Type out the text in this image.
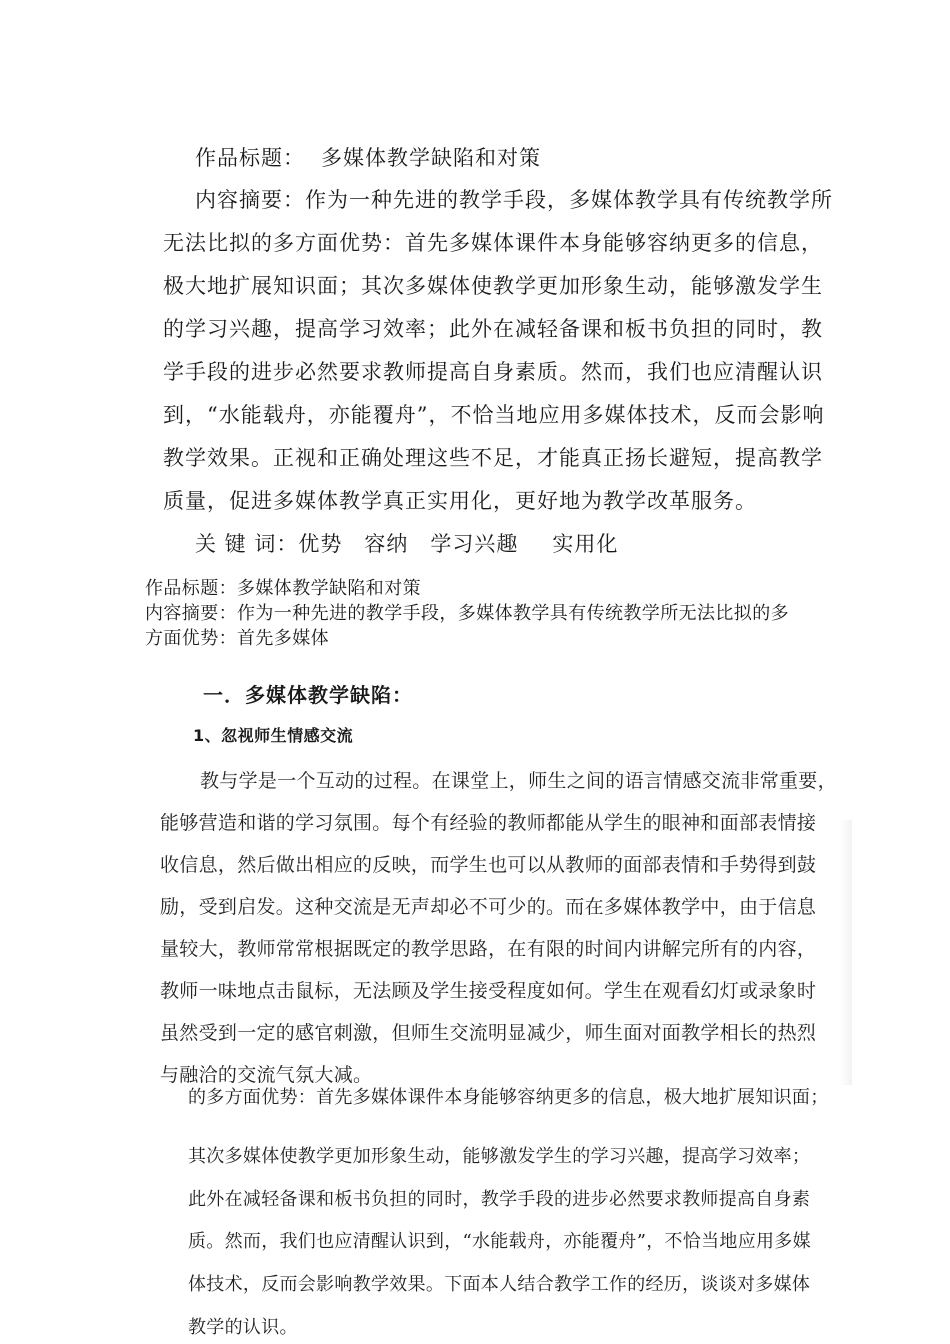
作品标题： 多媒体教学缺陷和对策
内容摘要：作为一种先进的教学手段，多媒体教学具有传统教学所
无法比拟的多方面优势：首先多媒体课件本身能够容纳更多的信息，
极大地扩展知识面；其次多媒体使教学更加形象生动，能够激发学生
的学习兴趣，提高学习效率；此外在减轻备课和板书负担的同时，教
学手段的进步必然要求教师提高自身素质。然而，我们也应清醒认识
到，“水能载舟，亦能覆舟”，不恰当地应用多媒体技术，反而会影响
教学效果。正视和正确处理这些不足，才能真正扬长避短，提高教学
质量，促进多媒体教学真正实用化，更好地为教学改革服务。
关 键 词：优势 容纳 学习兴趣 实用化
作品标题：多媒体教学缺陷和对策
内容摘要：作为一种先进的教学手段，多媒体教学具有传统教学所无法比拟的多
方面优势：首先多媒体
一．多媒体教学缺陷：
1、忽视师生情感交流
教与学是一个互动的过程。在课堂上，师生之间的语言情感交流非常重要，
能够营造和谐的学习氛围。每个有经验的教师都能从学生的眼神和面部表情接
收信息，然后做出相应的反映，而学生也可以从教师的面部表情和手势得到鼓
励，受到启发。这种交流是无声却必不可少的。而在多媒体教学中，由于信息
量较大，教师常常根据既定的教学思路，在有限的时间内讲解完所有的内容，
教师一味地点击鼠标，无法顾及学生接受程度如何。学生在观看幻灯或录象时
虽然受到一定的感官刺激，但师生交流明显减少，师生面对面教学相长的热烈
与融洽的交流气氛大减。
的多方面优势：首先多媒体课件本身能够容纳更多的信息，极大地扩展知识面；
其次多媒体使教学更加形象生动，能够激发学生的学习兴趣，提高学习效率；
此外在减轻备课和板书负担的同时，教学手段的进步必然要求教师提高自身素
质。然而，我们也应清醒认识到，“水能载舟，亦能覆舟”，不恰当地应用多媒
体技术，反而会影响教学效果。下面本人结合教学工作的经历，谈谈对多媒体
教学的认识。
